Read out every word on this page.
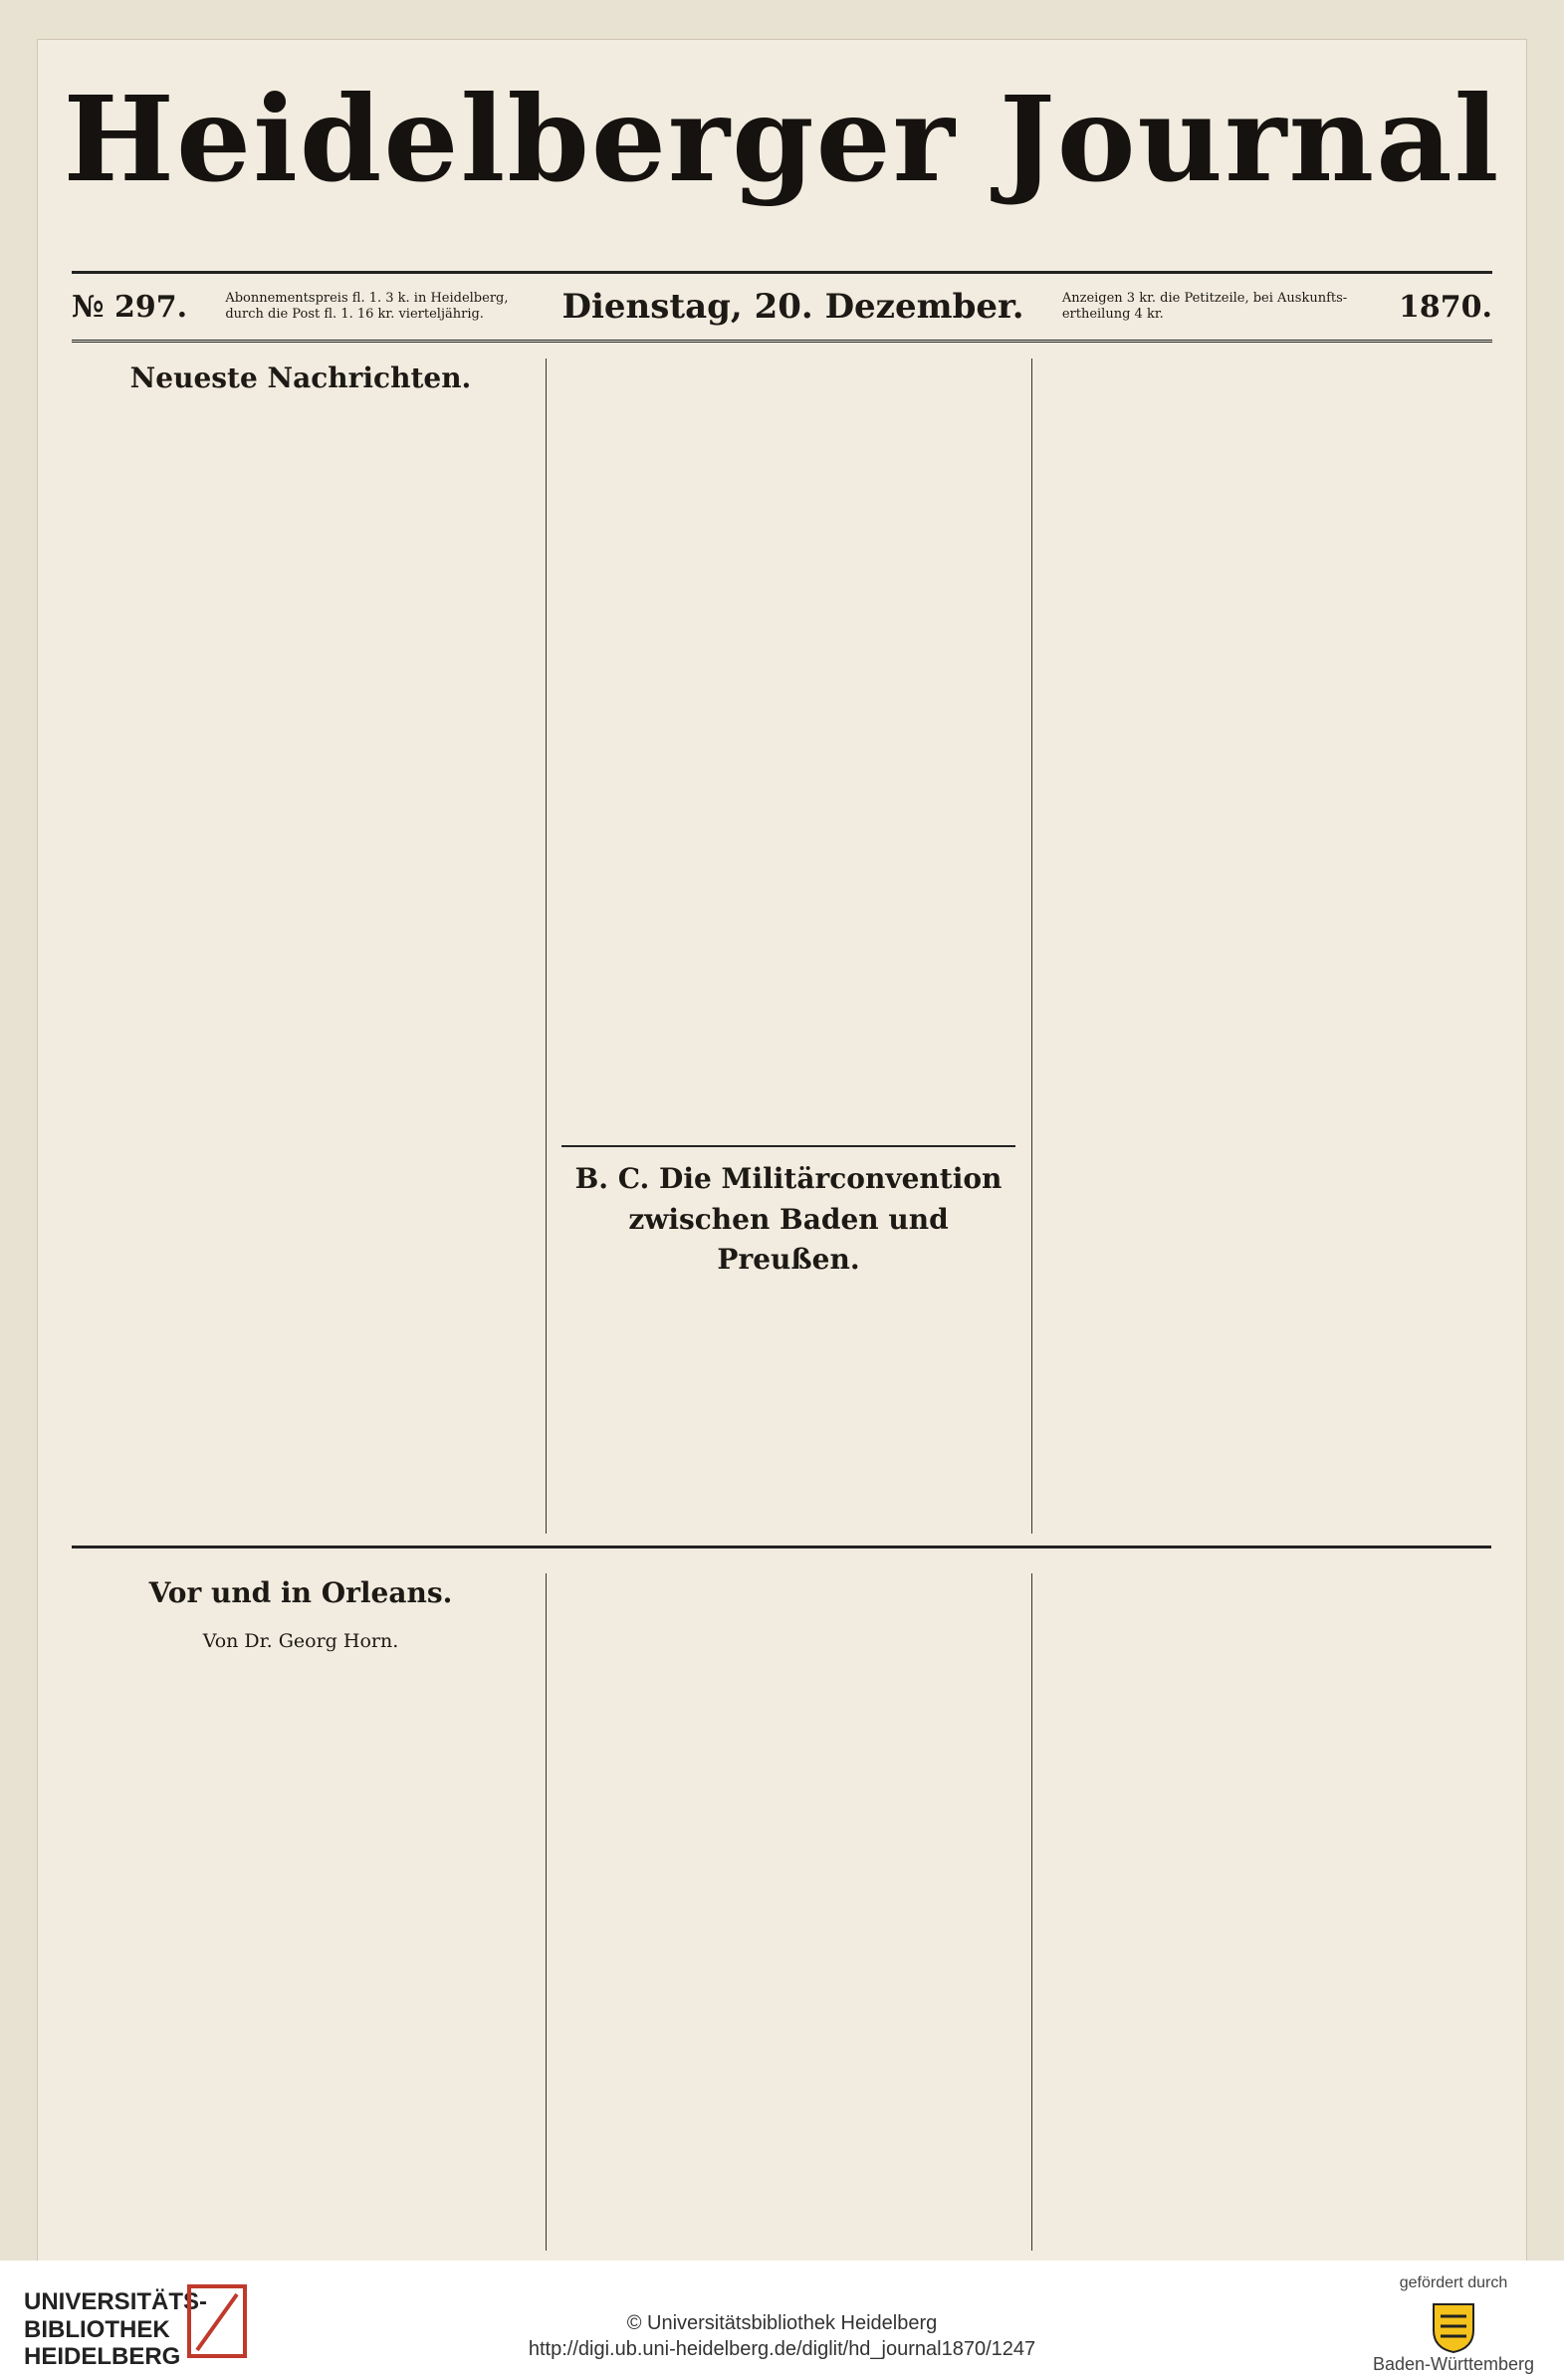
Heidelberger Journal
№ 297.	Abonnementspreis fl. 1. 3 k. in Heidelberg, durch die Post fl. 1. 16 kr. vierteljährig.	Dienstag, 20. Dezember.	Anzeigen 3 kr. die Petitzeile, bei Auskunfts-ertheilung 4 kr.	1870.
Neueste Nachrichten.
B. C. Die Militärconvention zwischen Baden und Preußen.
Vor und in Orleans.
Von Dr. Georg Horn.
UNIVERSITÄTS-
BIBLIOTHEK
HEIDELBERG
© Universitätsbibliothek Heidelberg
http://digi.ub.uni-heidelberg.de/diglit/hd_journal1870/1247
gefördert durch
Baden-Württemberg
